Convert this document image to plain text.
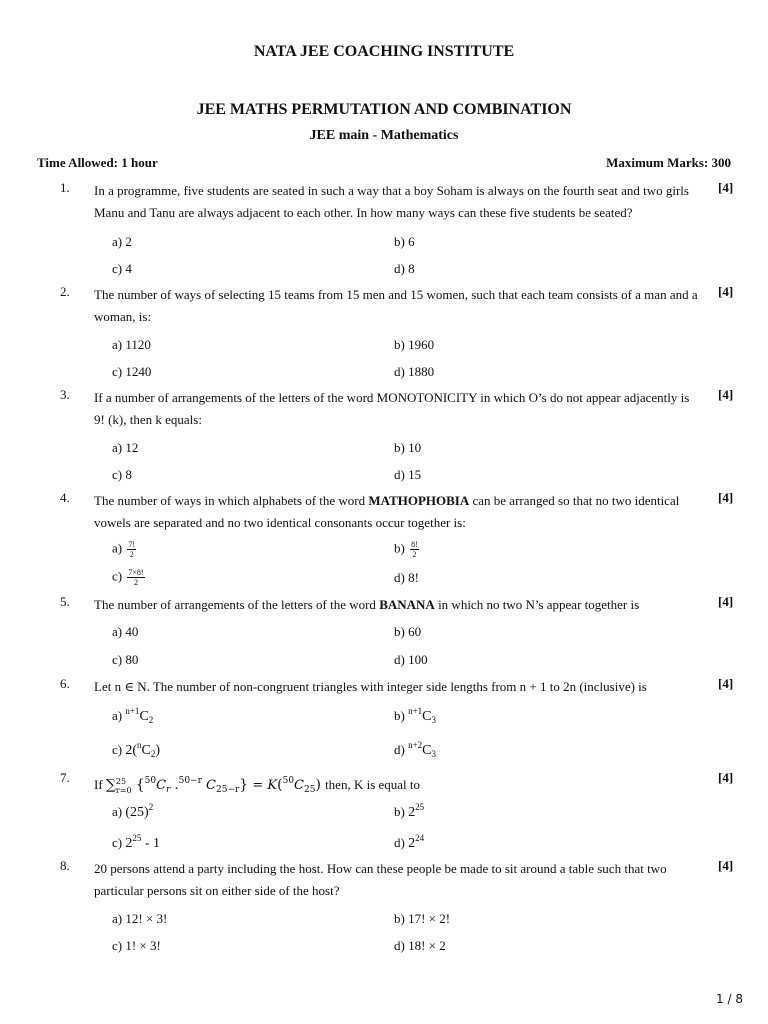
NATA JEE COACHING INSTITUTE
JEE MATHS PERMUTATION AND COMBINATION
JEE main - Mathematics
Time Allowed: 1 hour	Maximum Marks: 300
1. In a programme, five students are seated in such a way that a boy Soham is always on the fourth seat and two girls Manu and Tanu are always adjacent to each other. In how many ways can these five students be seated?
[4]
a) 2	b) 6
c) 4	d) 8
2. The number of ways of selecting 15 teams from 15 men and 15 women, such that each team consists of a man and a woman, is:
[4]
a) 1120	b) 1960
c) 1240	d) 1880
3. If a number of arrangements of the letters of the word MONOTONICITY in which O’s do not appear adjacently is 9! (k), then k equals:
[4]
a) 12	b) 10
c) 8	d) 15
4. The number of ways in which alphabets of the word MATHOPHOBIA can be arranged so that no two identical vowels are separated and no two identical consonants occur together is:
[4]
$a) \frac{7!}{2}$	$b) \frac{8!}{2}$
$c) \frac{7\times 8!}{2}$	d) 8!
5. The number of arrangements of the letters of the word BANANA in which no two N’s appear together is	[4]
a) 40	b) 60
c) 80	d) 100
6. Let n ∈ N. The number of non-congruent triangles with integer side lengths from n + 1 to 2n (inclusive) is	[4]
a) $^{n+1}C_2$	b) $^{n+1}C_3$
c) $2(^nC_2)$	d) $^{n+2}C_3$
7. If ∑ 25
r=0 {$^{50}C_r$ .$^{50-r}$ $C_{25-r}\} = K(^{50}C_{25})$ then, K is equal to	[4]
a) $(25)^2$	b) $2^{25}$
c) $2^{25} - 1$	d) $2^{24}$
8. 20 persons attend a party including the host. How can these people be made to sit around a table such that two particular persons sit on either side of the host?
[4]
a) 12! × 3!	b) 17! × 2!
c) 1! × 3!	d) 18! × 2
1 / 8
